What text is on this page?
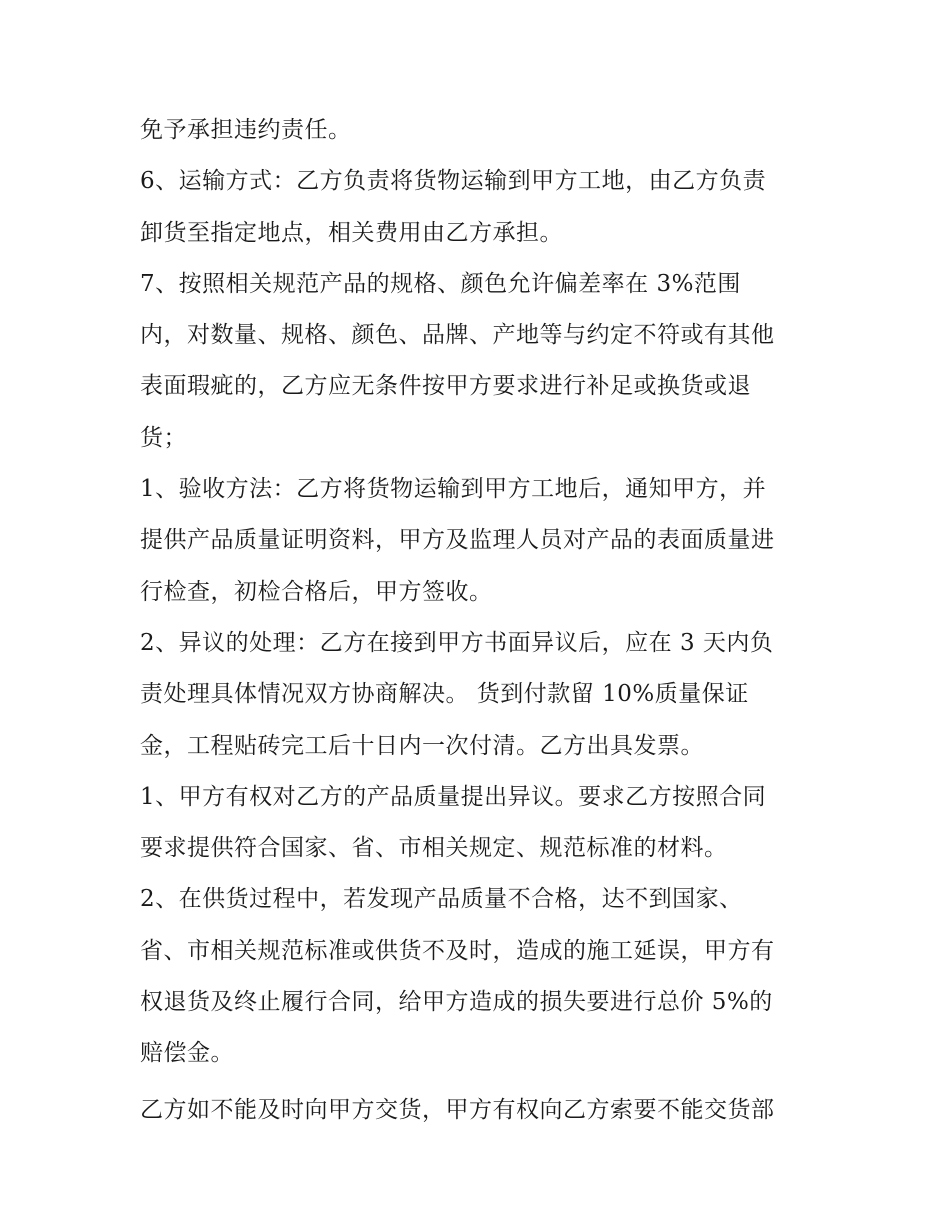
免予承担违约责任。
6、运输方式：乙方负责将货物运输到甲方工地，由乙方负责
卸货至指定地点，相关费用由乙方承担。
7、按照相关规范产品的规格、颜色允许偏差率在 3%范围
内，对数量、规格、颜色、品牌、产地等与约定不符或有其他
表面瑕疵的，乙方应无条件按甲方要求进行补足或换货或退
货；
1、验收方法：乙方将货物运输到甲方工地后，通知甲方，并
提供产品质量证明资料，甲方及监理人员对产品的表面质量进
行检查，初检合格后，甲方签收。
2、异议的处理：乙方在接到甲方书面异议后，应在 3 天内负
责处理具体情况双方协商解决。 货到付款留 10%质量保证
金，工程贴砖完工后十日内一次付清。乙方出具发票。
1、甲方有权对乙方的产品质量提出异议。要求乙方按照合同
要求提供符合国家、省、市相关规定、规范标准的材料。
2、在供货过程中，若发现产品质量不合格，达不到国家、
省、市相关规范标准或供货不及时，造成的施工延误，甲方有
权退货及终止履行合同，给甲方造成的损失要进行总价 5%的
赔偿金。
乙方如不能及时向甲方交货，甲方有权向乙方索要不能交货部
